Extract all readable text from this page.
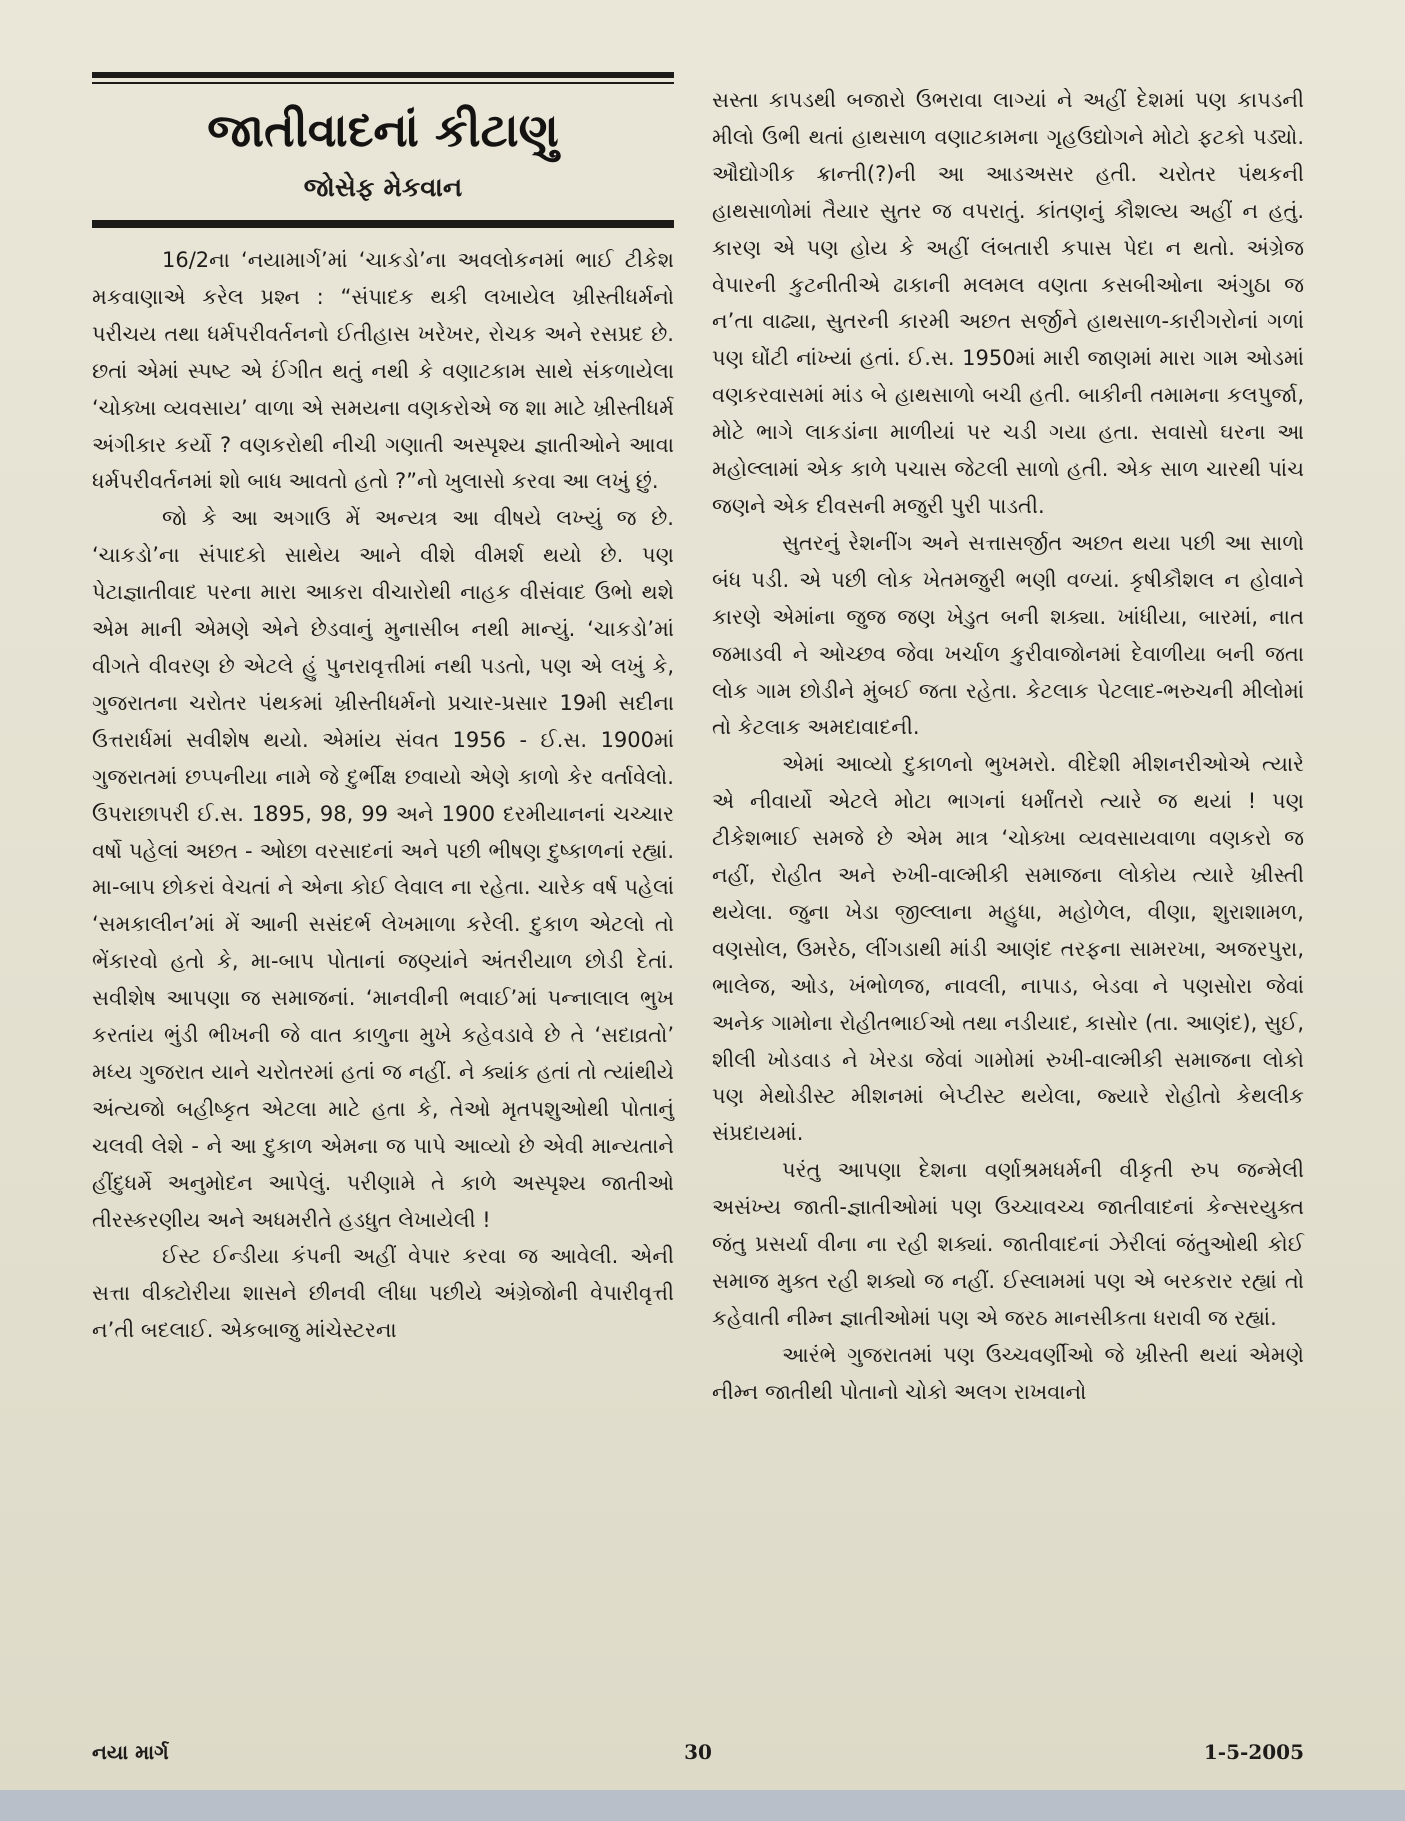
જાતીવાદનાં કીટાણુ
જોસેફ મેકવાન

16/2ના ‘નયામાર્ગ’માં ‘ચાકડો’ના અવલોકનમાં ભાઈ ટીકેશ મકવાણાએ કરેલ પ્રશ્ન : “સંપાદક થકી લખાયેલ ખ્રીસ્તીધર્મનો પરીચય તથા ધર્મપરીવર્તનનો ઈતીહાસ ખરેખર, રોચક અને રસપ્રદ છે. છતાં એમાં સ્પષ્ટ એ ઈંગીત થતું નથી કે વણાટકામ સાથે સંકળાયેલા ‘ચોક્ખા વ્યવસાય’ વાળા એ સમયના વણકરોએ જ શા માટે ખ્રીસ્તીધર્મ અંગીકાર કર્યો ? વણકરોથી નીચી ગણાતી અસ્પૃશ્ય જ્ઞાતીઓને આવા ધર્મપરીવર્તનમાં શો બાધ આવતો હતો ?”નો ખુલાસો કરવા આ લખું છું.

જો કે આ અગાઉ મેં અન્યત્ર આ વીષયે લખ્યું જ છે. ‘ચાકડો’ના સંપાદકો સાથેય આને વીશે વીમર્શ થયો છે. પણ પેટાજ્ઞાતીવાદ પરના મારા આકરા વીચારોથી નાહક વીસંવાદ ઉભો થશે એમ માની એમણે એને છેડવાનું મુનાસીબ નથી માન્યું. ‘ચાકડો’માં વીગતે વીવરણ છે એટલે હું પુનરાવૃત્તીમાં નથી પડતો, પણ એ લખું કે, ગુજરાતના ચરોતર પંથકમાં ખ્રીસ્તીધર્મનો પ્રચાર-પ્રસાર 19મી સદીના ઉત્તરાર્ધમાં સવીશેષ થયો. એમાંય સંવત 1956 - ઈ.સ. 1900માં ગુજરાતમાં છપ્પનીયા નામે જે દુર્ભીક્ષ છવાયો એણે કાળો કેર વર્તાવેલો. ઉપરાછાપરી ઈ.સ. 1895, 98, 99 અને 1900 દરમીયાનનાં ચચ્ચાર વર્ષો પહેલાં અછત - ઓછા વરસાદનાં અને પછી ભીષણ દુષ્કાળનાં રહ્યાં. મા-બાપ છોકરાં વેચતાં ને એના કોઈ લેવાલ ના રહેતા. ચારેક વર્ષ પહેલાં ‘સમકાલીન’માં મેં આની સસંદર્ભ લેખમાળા કરેલી. દુકાળ એટલો તો ભેંકારવો હતો કે, મા-બાપ પોતાનાં જણ્યાંને અંતરીયાળ છોડી દેતાં. સવીશેષ આપણા જ સમાજનાં. ‘માનવીની ભવાઈ’માં પન્નાલાલ ભુખ કરતાંય ભુંડી ભીખની જે વાત કાળુના મુખે કહેવડાવે છે તે ‘સદાવ્રતો’ મધ્ય ગુજરાત યાને ચરોતરમાં હતાં જ નહીં. ને ક્યાંક હતાં તો ત્યાંથીયે અંત્યજો બહીષ્કૃત એટલા માટે હતા કે, તેઓ મૃતપશુઓથી પોતાનું ચલવી લેશે - ને આ દુકાળ એમના જ પાપે આવ્યો છે એવી માન્યતાને હીંદુધર્મે અનુમોદન આપેલું. પરીણામે તે કાળે અસ્પૃશ્ય જાતીઓ તીરસ્કરણીય અને અધમરીતે હડધુત લેખાયેલી !

ઈસ્ટ ઈન્ડીયા કંપની અહીં વેપાર કરવા જ આવેલી. એની સત્તા વીક્ટોરીયા શાસને છીનવી લીધા પછીયે અંગ્રેજોની વેપારીવૃત્તી ન’તી બદલાઈ. એકબાજુ માંચેસ્ટરના

સસ્તા કાપડથી બજારો ઉભરાવા લાગ્યાં ને અહીં દેશમાં પણ કાપડની મીલો ઉભી થતાં હાથસાળ વણાટકામના ગૃહઉદ્યોગને મોટો ફટકો પડ્યો. ઔદ્યોગીક ક્રાન્તી(?)ની આ આડઅસર હતી. ચરોતર પંથકની હાથસાળોમાં તૈયાર સુતર જ વપરાતું. કાંતણનું કૌશલ્ય અહીં ન હતું. કારણ એ પણ હોય કે અહીં લંબતારી કપાસ પેદા ન થતો. અંગ્રેજ વેપારની કુટનીતીએ ઢાકાની મલમલ વણતા કસબીઓના અંગુઠા જ ન’તા વાઢ્યા, સુતરની કારમી અછત સર્જીને હાથસાળ-કારીગરોનાં ગળાં પણ ઘોંટી નાંખ્યાં હતાં. ઈ.સ. 1950માં મારી જાણમાં મારા ગામ ઓડમાં વણકરવાસમાં માંડ બે હાથસાળો બચી હતી. બાકીની તમામના કલપુર્જા, મોટે ભાગે લાકડાંના માળીયાં પર ચડી ગયા હતા. સવાસો ઘરના આ મહોલ્લામાં એક કાળે પચાસ જેટલી સાળો હતી. એક સાળ ચારથી પાંચ જણને એક દીવસની મજુરી પુરી પાડતી.

સુતરનું રેશનીંગ અને સત્તાસર્જીત અછત થયા પછી આ સાળો બંધ પડી. એ પછી લોક ખેતમજુરી ભણી વળ્યાં. કૃષીકૌશલ ન હોવાને કારણે એમાંના જુજ જણ ખેડુત બની શક્યા. ખાંધીયા, બારમાં, નાત જમાડવી ને ઓચ્છવ જેવા ખર્ચાળ કુરીવાજોનમાં દેવાળીયા બની જતા લોક ગામ છોડીને મુંબઈ જતા રહેતા. કેટલાક પેટલાદ-ભરુચની મીલોમાં તો કેટલાક અમદાવાદની.

એમાં આવ્યો દુકાળનો ભુખમરો. વીદેશી મીશનરીઓએ ત્યારે એ નીવાર્યો એટલે મોટા ભાગનાં ધર્માંતરો ત્યારે જ થયાં ! પણ ટીકેશભાઈ સમજે છે એમ માત્ર ‘ચોક્ખા વ્યવસાયવાળા વણકરો જ નહીં, રોહીત અને રુખી-વાલ્મીકી સમાજના લોકોય ત્યારે ખ્રીસ્તી થયેલા. જુના ખેડા જીલ્લાના મહુધા, મહોળેલ, વીણા, શુરાશામળ, વણસોલ, ઉમરેઠ, લીંગડાથી માંડી આણંદ તરફના સામરખા, અજરપુરા, ભાલેજ, ઓડ, ખંભોળજ, નાવલી, નાપાડ, બેડવા ને પણસોરા જેવાં અનેક ગામોના રોહીતભાઈઓ તથા નડીયાદ, કાસોર (તા. આણંદ), સુઈ, શીલી ખોડવાડ ને ખેરડા જેવાં ગામોમાં રુખી-વાલ્મીકી સમાજના લોકો પણ મેથોડીસ્ટ મીશનમાં બેપ્ટીસ્ટ થયેલા, જ્યારે રોહીતો કેથલીક સંપ્રદાયમાં.

પરંતુ આપણા દેશના વર્ણાશ્રમધર્મની વીકૃતી રુપ જન્મેલી અસંખ્ય જાતી-જ્ઞાતીઓમાં પણ ઉચ્ચાવચ્ચ જાતીવાદનાં કેન્સરયુક્ત જંતુ પ્રસર્યા વીના ના રહી શક્યાં. જાતીવાદનાં ઝેરીલાં જંતુઓથી કોઈ સમાજ મુક્ત રહી શક્યો જ નહીં. ઈસ્લામમાં પણ એ બરકરાર રહ્યાં તો કહેવાતી નીમ્ન જ્ઞાતીઓમાં પણ એ જરઠ માનસીકતા ધરાવી જ રહ્યાં.

આરંભે ગુજરાતમાં પણ ઉચ્ચવર્ણીઓ જે ખ્રીસ્તી થયાં એમણે નીમ્ન જાતીથી પોતાનો ચોકો અલગ રાખવાનો

નયા માર્ગ	30	1-5-2005
